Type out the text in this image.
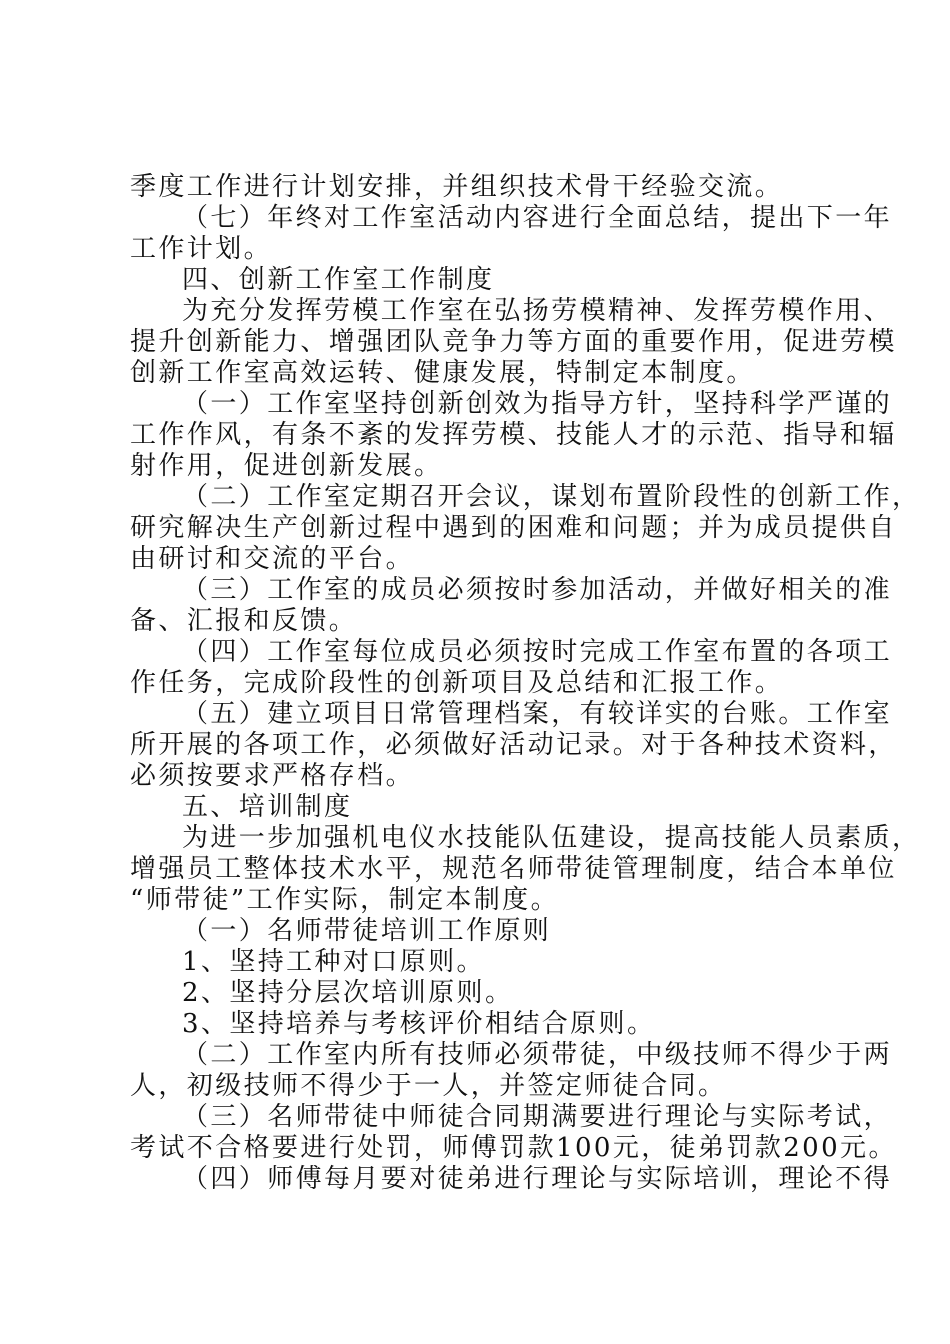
季度工作进行计划安排，并组织技术骨干经验交流。
（七）年终对工作室活动内容进行全面总结，提出下一年
工作计划。
四、创新工作室工作制度
为充分发挥劳模工作室在弘扬劳模精神、发挥劳模作用、
提升创新能力、增强团队竞争力等方面的重要作用，促进劳模
创新工作室高效运转、健康发展，特制定本制度。
（一）工作室坚持创新创效为指导方针，坚持科学严谨的
工作作风，有条不紊的发挥劳模、技能人才的示范、指导和辐
射作用，促进创新发展。
（二）工作室定期召开会议，谋划布置阶段性的创新工作，
研究解决生产创新过程中遇到的困难和问题；并为成员提供自
由研讨和交流的平台。
（三）工作室的成员必须按时参加活动，并做好相关的准
备、汇报和反馈。
（四）工作室每位成员必须按时完成工作室布置的各项工
作任务，完成阶段性的创新项目及总结和汇报工作。
（五）建立项目日常管理档案，有较详实的台账。工作室
所开展的各项工作，必须做好活动记录。对于各种技术资料，
必须按要求严格存档。
五、培训制度
为进一步加强机电仪水技能队伍建设，提高技能人员素质，
增强员工整体技术水平，规范名师带徒管理制度，结合本单位
“师带徒”工作实际，制定本制度。
（一）名师带徒培训工作原则
1、坚持工种对口原则。
2、坚持分层次培训原则。
3、坚持培养与考核评价相结合原则。
（二）工作室内所有技师必须带徒，中级技师不得少于两
人，初级技师不得少于一人，并签定师徒合同。
（三）名师带徒中师徒合同期满要进行理论与实际考试，
考试不合格要进行处罚，师傅罚款100元，徒弟罚款200元。
（四）师傅每月要对徒弟进行理论与实际培训，理论不得
